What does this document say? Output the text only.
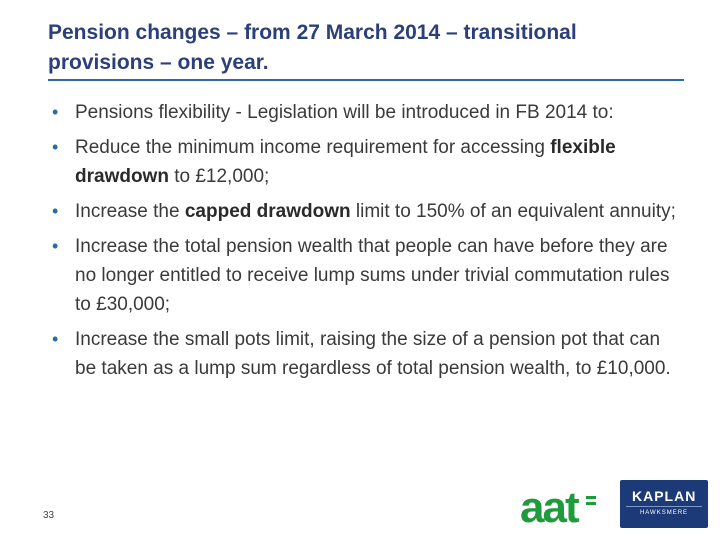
Pension changes – from 27 March 2014 – transitional provisions – one year.
• Pensions flexibility - Legislation will be introduced in FB 2014 to:
• Reduce the minimum income requirement for accessing flexible drawdown to £12,000;
• Increase the capped drawdown limit to 150% of an equivalent annuity;
• Increase the total pension wealth that people can have before they are no longer entitled to receive lump sums under trivial commutation rules to £30,000;
• Increase the small pots limit, raising the size of a pension pot that can be taken as a lump sum regardless of total pension wealth, to £10,000.
33	aat	KAPLAN
HAWKSMERE
